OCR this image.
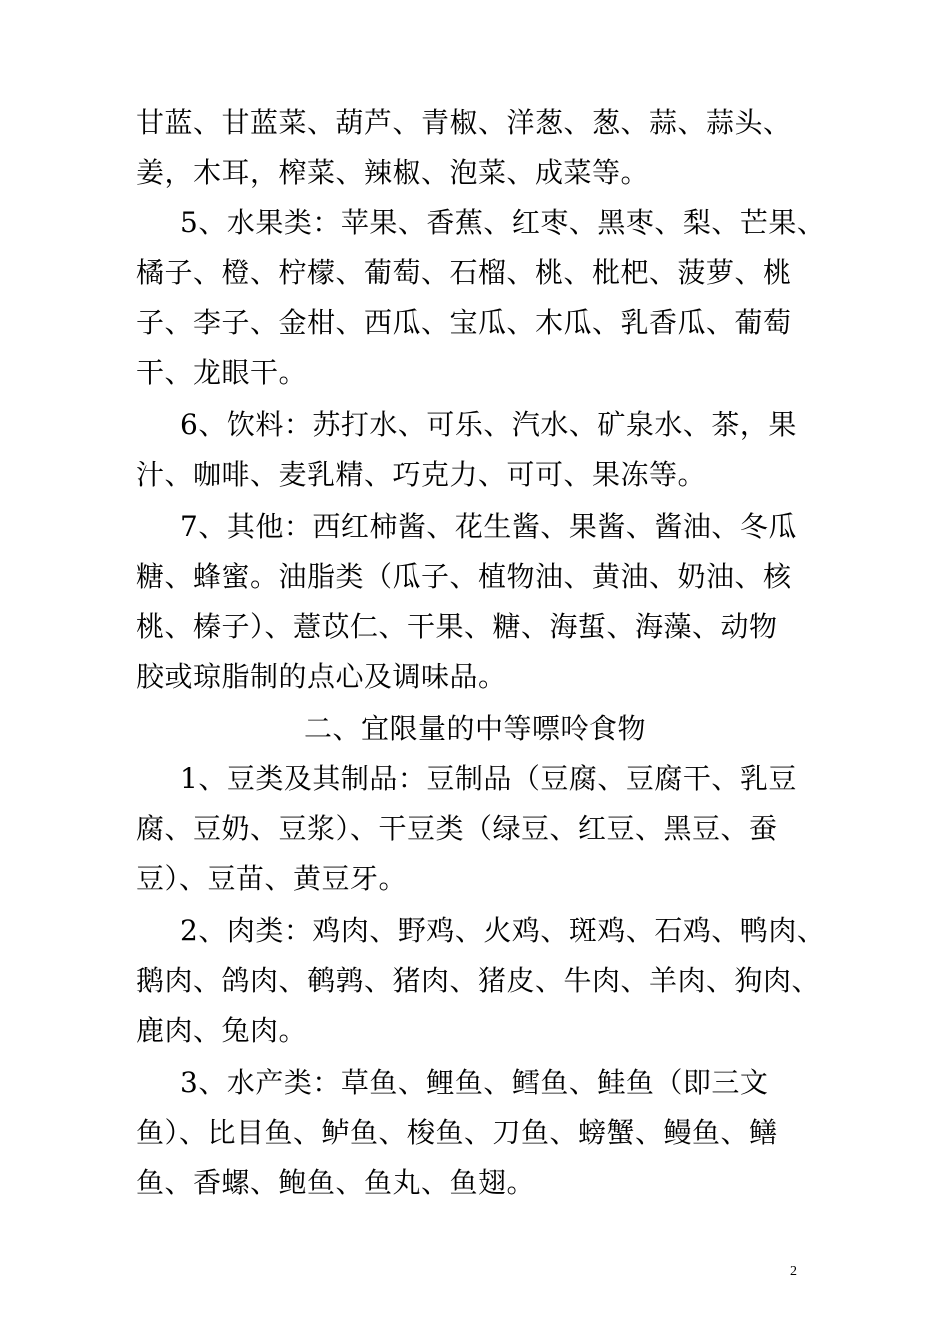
甘蓝、甘蓝菜、葫芦、青椒、洋葱、葱、蒜、蒜头、
姜，木耳，榨菜、辣椒、泡菜、成菜等。
5、水果类：苹果、香蕉、红枣、黑枣、梨、芒果、
橘子、橙、柠檬、葡萄、石榴、桃、枇杷、菠萝、桃
子、李子、金柑、西瓜、宝瓜、木瓜、乳香瓜、葡萄
干、龙眼干。
6、饮料：苏打水、可乐、汽水、矿泉水、茶，果
汁、咖啡、麦乳精、巧克力、可可、果冻等。
7、其他：西红柿酱、花生酱、果酱、酱油、冬瓜
糖、蜂蜜。油脂类（瓜子、植物油、黄油、奶油、核
桃、榛子）、薏苡仁、干果、糖、海蜇、海藻、动物
胶或琼脂制的点心及调味品。
二、宜限量的中等嘌呤食物
1、豆类及其制品：豆制品（豆腐、豆腐干、乳豆
腐、豆奶、豆浆）、干豆类（绿豆、红豆、黑豆、蚕
豆）、豆苗、黄豆牙。
2、肉类：鸡肉、野鸡、火鸡、斑鸡、石鸡、鸭肉、
鹅肉、鸽肉、鹌鹑、猪肉、猪皮、牛肉、羊肉、狗肉、
鹿肉、兔肉。
3、水产类：草鱼、鲤鱼、鳕鱼、鲑鱼（即三文
鱼）、比目鱼、鲈鱼、梭鱼、刀鱼、螃蟹、鳗鱼、鳝
鱼、香螺、鲍鱼、鱼丸、鱼翅。
2
